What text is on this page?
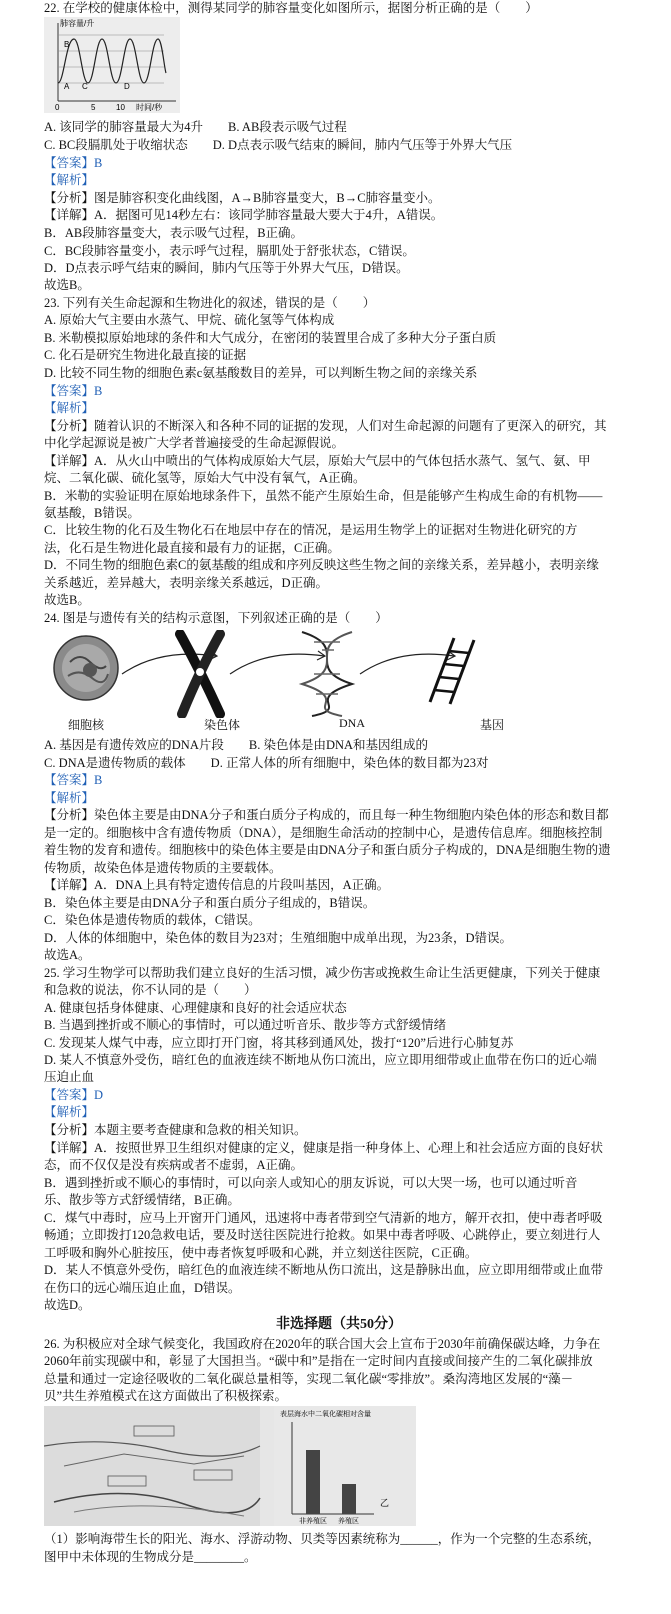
22. 在学校的健康体检中，测得某同学的肺容量变化如图所示，据图分析正确的是（　　）
肺容量/升
B
A C	D
0	5	10 时间/秒
A. 该同学的肺容量最大为4升　　B. AB段表示吸气过程
C. BC段膈肌处于收缩状态　　D. D点表示吸气结束的瞬间，肺内气压等于外界大气压
【答案】B
【解析】
【分析】图是肺容积变化曲线图，A→B肺容量变大，B→C肺容量变小。
【详解】A．据图可见14秒左右：该同学肺容量最大要大于4升，A错误。
B．AB段肺容量变大，表示吸气过程，B正确。
C．BC段肺容量变小，表示呼气过程，膈肌处于舒张状态，C错误。
D．D点表示呼气结束的瞬间，肺内气压等于外界大气压，D错误。
故选B。
23. 下列有关生命起源和生物进化的叙述，错误的是（　　）
A. 原始大气主要由水蒸气、甲烷、硫化氢等气体构成
B. 米勒模拟原始地球的条件和大气成分，在密闭的装置里合成了多种大分子蛋白质
C. 化石是研究生物进化最直接的证据
D. 比较不同生物的细胞色素c氨基酸数目的差异，可以判断生物之间的亲缘关系
【答案】B
【解析】
【分析】随着认识的不断深入和各种不同的证据的发现，人们对生命起源的问题有了更深入的研究，其
中化学起源说是被广大学者普遍接受的生命起源假说。
【详解】A．从火山中喷出的气体构成原始大气层，原始大气层中的气体包括水蒸气、氢气、氨、甲
烷、二氧化碳、硫化氢等，原始大气中没有氧气，A正确。
B．米勒的实验证明在原始地球条件下，虽然不能产生原始生命，但是能够产生构成生命的有机物——
氨基酸，B错误。
C．比较生物的化石及生物化石在地层中存在的情况，是运用生物学上的证据对生物进化研究的方
法，化石是生物进化最直接和最有力的证据，C正确。
D．不同生物的细胞色素C的氨基酸的组成和序列反映这些生物之间的亲缘关系，差异越小，表明亲缘
关系越近，差异越大，表明亲缘关系越远，D正确。
故选B。
24. 图是与遗传有关的结构示意图，下列叙述正确的是（　　）
细胞核	染色体	DNA	基因
A. 基因是有遗传效应的DNA片段　　B. 染色体是由DNA和基因组成的
C. DNA是遗传物质的载体　　D. 正常人体的所有细胞中，染色体的数目都为23对
【答案】B
【解析】
【分析】染色体主要是由DNA分子和蛋白质分子构成的，而且每一种生物细胞内染色体的形态和数目都
是一定的。细胞核中含有遗传物质（DNA），是细胞生命活动的控制中心，是遗传信息库。细胞核控制
着生物的发育和遗传。细胞核中的染色体主要是由DNA分子和蛋白质分子构成的，DNA是细胞生物的遗
传物质，故染色体是遗传物质的主要载体。
【详解】A．DNA上具有特定遗传信息的片段叫基因，A正确。
B．染色体主要是由DNA分子和蛋白质分子组成的，B错误。
C．染色体是遗传物质的载体，C错误。
D．人体的体细胞中，染色体的数目为23对；生殖细胞中成单出现，为23条，D错误。
故选A。
25. 学习生物学可以帮助我们建立良好的生活习惯，减少伤害或挽救生命让生活更健康，下列关于健康
和急救的说法，你不认同的是（　　）
A. 健康包括身体健康、心理健康和良好的社会适应状态
B. 当遇到挫折或不顺心的事情时，可以通过听音乐、散步等方式舒缓情绪
C. 发现某人煤气中毒，应立即打开门窗，将其移到通风处，拨打“120”后进行心肺复苏
D. 某人不慎意外受伤，暗红色的血液连续不断地从伤口流出，应立即用细带或止血带在伤口的近心端
压迫止血
【答案】D
【解析】
【分析】本题主要考查健康和急救的相关知识。
【详解】A．按照世界卫生组织对健康的定义，健康是指一种身体上、心理上和社会适应方面的良好状
态，而不仅仅是没有疾病或者不虚弱，A正确。
B．遇到挫折或不顺心的事情时，可以向亲人或知心的朋友诉说，可以大哭一场，也可以通过听音
乐、散步等方式舒缓情绪，B正确。
C．煤气中毒时，应马上开窗开门通风，迅速将中毒者带到空气清新的地方，解开衣扣，使中毒者呼吸
畅通；立即拨打120急救电话，要及时送往医院进行抢救。如果中毒者呼吸、心跳停止，要立刻进行人
工呼吸和胸外心脏按压，使中毒者恢复呼吸和心跳，并立刻送往医院，C正确。
D．某人不慎意外受伤，暗红色的血液连续不断地从伤口流出，这是静脉出血，应立即用细带或止血带
在伤口的远心端压迫止血，D错误。
故选D。
非选择题（共50分）
26. 为积极应对全球气候变化，我国政府在2020年的联合国大会上宣布于2030年前确保碳达峰，力争在
2060年前实现碳中和，彰显了大国担当。“碳中和”是指在一定时间内直接或间接产生的二氧化碳排放
总量和通过一定途径吸收的二氧化碳总量相等，实现二氧化碳“零排放”。桑沟湾地区发展的“藻－
贝”共生养殖模式在这方面做出了积极探索。
表层海水中二氧化碳相对含量
非养殖区 养殖区
乙
（1）影响海带生长的阳光、海水、浮游动物、贝类等因素统称为______，作为一个完整的生态系统，
图甲中未体现的生物成分是________。
